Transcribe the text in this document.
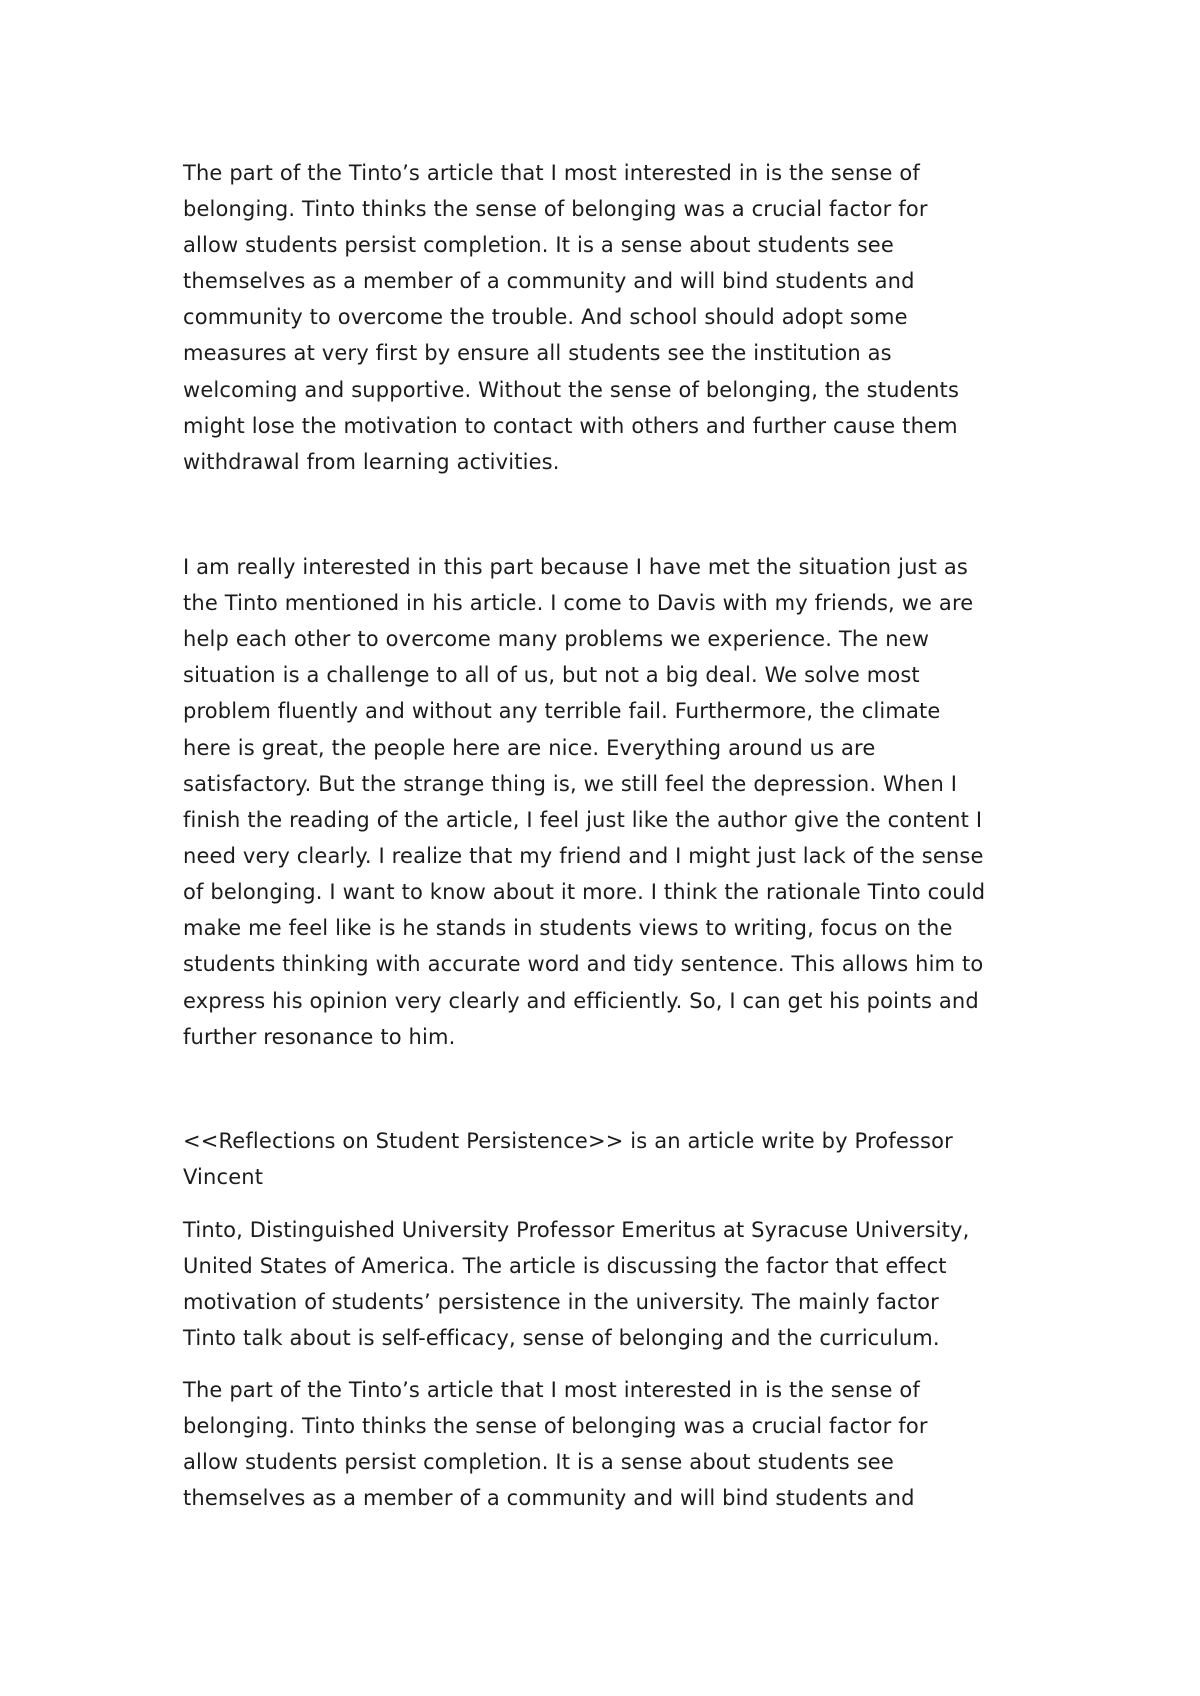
The part of the Tinto’s article that I most interested in is the sense of
belonging. Tinto thinks the sense of belonging was a crucial factor for
allow students persist completion. It is a sense about students see
themselves as a member of a community and will bind students and
community to overcome the trouble. And school should adopt some
measures at very first by ensure all students see the institution as
welcoming and supportive. Without the sense of belonging, the students
might lose the motivation to contact with others and further cause them
withdrawal from learning activities.
I am really interested in this part because I have met the situation just as
the Tinto mentioned in his article. I come to Davis with my friends, we are
help each other to overcome many problems we experience. The new
situation is a challenge to all of us, but not a big deal. We solve most
problem fluently and without any terrible fail. Furthermore, the climate
here is great, the people here are nice. Everything around us are
satisfactory. But the strange thing is, we still feel the depression. When I
finish the reading of the article, I feel just like the author give the content I
need very clearly. I realize that my friend and I might just lack of the sense
of belonging. I want to know about it more. I think the rationale Tinto could
make me feel like is he stands in students views to writing, focus on the
students thinking with accurate word and tidy sentence. This allows him to
express his opinion very clearly and efficiently. So, I can get his points and
further resonance to him.
<<Reflections on Student Persistence>> is an article write by Professor
Vincent
Tinto, Distinguished University Professor Emeritus at Syracuse University,
United States of America. The article is discussing the factor that effect
motivation of students’ persistence in the university. The mainly factor
Tinto talk about is self-efficacy, sense of belonging and the curriculum.
The part of the Tinto’s article that I most interested in is the sense of
belonging. Tinto thinks the sense of belonging was a crucial factor for
allow students persist completion. It is a sense about students see
themselves as a member of a community and will bind students and
